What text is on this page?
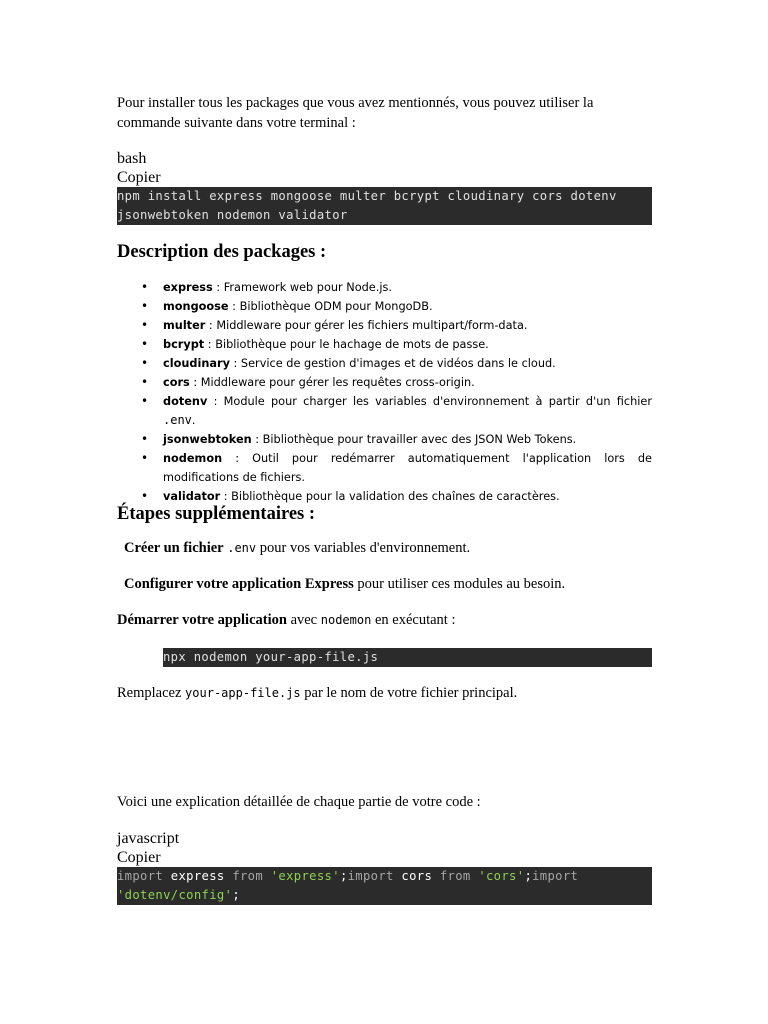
Pour installer tous les packages que vous avez mentionnés, vous pouvez utiliser la commande suivante dans votre terminal :
bash
Copier
npm install express mongoose multer bcrypt cloudinary cors dotenv jsonwebtoken nodemon validator
Description des packages :
• express : Framework web pour Node.js.
• mongoose : Bibliothèque ODM pour MongoDB.
• multer : Middleware pour gérer les fichiers multipart/form-data.
• bcrypt : Bibliothèque pour le hachage de mots de passe.
• cloudinary : Service de gestion d'images et de vidéos dans le cloud.
• cors : Middleware pour gérer les requêtes cross-origin.
• dotenv : Module pour charger les variables d'environnement à partir d'un fichier .env.
• jsonwebtoken : Bibliothèque pour travailler avec des JSON Web Tokens.
• nodemon : Outil pour redémarrer automatiquement l'application lors de modifications de fichiers.
• validator : Bibliothèque pour la validation des chaînes de caractères.
Étapes supplémentaires :
Créer un fichier .env pour vos variables d'environnement.
Configurer votre application Express pour utiliser ces modules au besoin.
Démarrer votre application avec nodemon en exécutant :
npx nodemon your-app-file.js
Remplacez your-app-file.js par le nom de votre fichier principal.
Voici une explication détaillée de chaque partie de votre code :
javascript
Copier
import express from 'express';import cors from 'cors';import 'dotenv/config';
